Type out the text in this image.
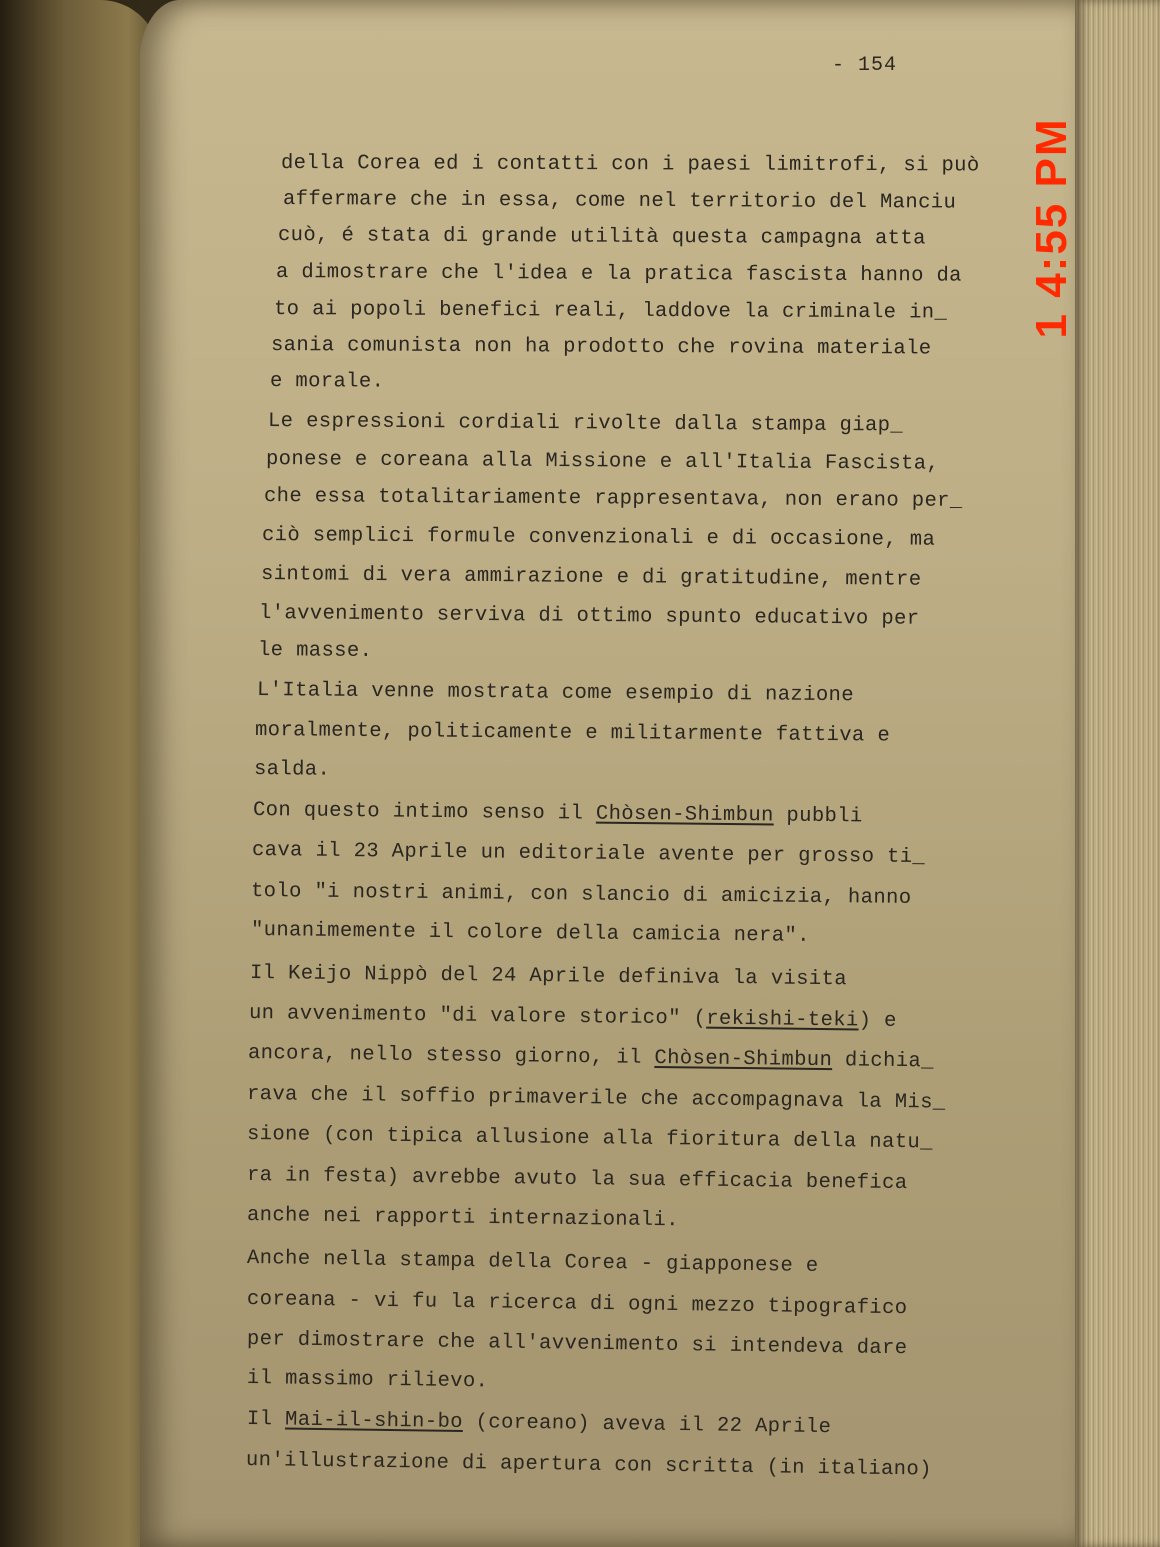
- 154
1 4:55 PM
della Corea ed i contatti con i paesi limitrofi, si può
affermare che in essa, come nel territorio del Manciu
cuò, é stata di grande utilità questa campagna atta
a dimostrare che l'idea e la pratica fascista hanno da
to ai popoli benefici reali, laddove la criminale in_
sania comunista non ha prodotto che rovina materiale
e morale.
Le espressioni cordiali rivolte dalla stampa giap_
ponese e coreana alla Missione e all'Italia Fascista,
che essa totalitariamente rappresentava, non erano per_
ciò semplici formule convenzionali e di occasione, ma
sintomi di vera ammirazione e di gratitudine, mentre
l'avvenimento serviva di ottimo spunto educativo per
le masse.
L'Italia venne mostrata come esempio di nazione
moralmente, politicamente e militarmente fattiva e
salda.
Con questo intimo senso il Chòsen-Shimbun pubbli
cava il 23 Aprile un editoriale avente per grosso ti_
tolo "i nostri animi, con slancio di amicizia, hanno
"unanimemente il colore della camicia nera".
Il Keijo Nippò del 24 Aprile definiva la visita
un avvenimento "di valore storico" (rekishi-teki) e
ancora, nello stesso giorno, il Chòsen-Shimbun dichia_
rava che il soffio primaverile che accompagnava la Mis_
sione (con tipica allusione alla fioritura della natu_
ra in festa) avrebbe avuto la sua efficacia benefica
anche nei rapporti internazionali.
Anche nella stampa della Corea - giapponese e
coreana - vi fu la ricerca di ogni mezzo tipografico
per dimostrare che all'avvenimento si intendeva dare
il massimo rilievo.
Il Mai-il-shin-bo (coreano) aveva il 22 Aprile
un'illustrazione di apertura con scritta (in italiano)
